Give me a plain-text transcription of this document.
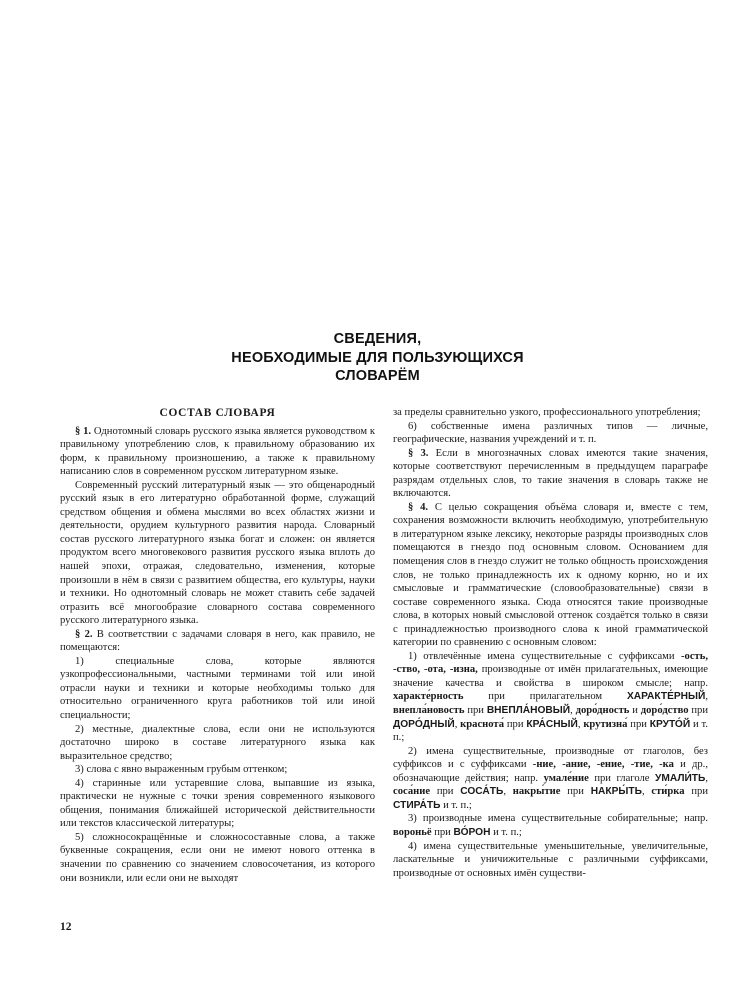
СВЕДЕНИЯ,
НЕОБХОДИМЫЕ ДЛЯ ПОЛЬЗУЮЩИХСЯ
СЛОВАРЁМ
СОСТАВ СЛОВАРЯ

§ 1. Однотомный словарь русского языка является руководством к правильному употреблению слов, к правильному образованию их форм, к правильному произношению, а также к правильному написанию слов в современном русском литературном языке.

Современный русский литературный язык — это общенародный русский язык в его литературно обработанной форме, служащий средством общения и обмена мыслями во всех областях жизни и деятельности, орудием культурного развития народа. Словарный состав русского литературного языка богат и сложен: он является продуктом всего многовекового развития русского языка вплоть до нашей эпохи, отражая, следовательно, изменения, которые произошли в нём в связи с развитием общества, его культуры, науки и техники. Но однотомный словарь не может ставить себе задачей отразить всё многообразие словарного состава современного русского литературного языка.

§ 2. В соответствии с задачами словаря в него, как правило, не помещаются:

1) специальные слова, которые являются узкопрофессиональными, частными терминами той или иной отрасли науки и техники и которые необходимы только для относительно ограниченного круга работников той или иной специальности;

2) местные, диалектные слова, если они не используются достаточно широко в составе литературного языка как выразительное средство;

3) слова с явно выраженным грубым оттенком;

4) старинные или устаревшие слова, выпавшие из языка, практически не нужные с точки зрения современного языкового общения, понимания ближайшей исторической действительности или текстов классической литературы;

5) сложносокращённые и сложносоставные слова, а также буквенные сокращения, если они не имеют нового оттенка в значении по сравнению со значением словосочетания, из которого они возникли, или если они не выходят

за пределы сравнительно узкого, профессионального употребления;

6) собственные имена различных типов — личные, географические, названия учреждений и т. п.

§ 3. Если в многозначных словах имеются такие значения, которые соответствуют перечисленным в предыдущем параграфе разрядам отдельных слов, то такие значения в словарь также не включаются.

§ 4. С целью сокращения объёма словаря и, вместе с тем, сохранения возможности включить необходимую, употребительную в литературном языке лексику, некоторые разряды производных слов помещаются в гнездо под основным словом. Основанием для помещения слов в гнездо служит не только общность происхождения слов, не только принадлежность их к одному корню, но и их смысловые и грамматические (словообразовательные) связи в составе современного языка. Сюда относятся такие производные слова, в которых новый смысловой оттенок создаётся только в связи с принадлежностью производного слова к иной грамматической категории по сравнению с основным словом:

1) отвлечённые имена существительные с суффиксами -ость, -ство, -ота, -изна, производные от имён прилагательных, имеющие значение качества и свойства в широком смысле; напр. характе́рность при прилагательном ХАРАКТЕ́РНЫЙ, внепла́новость при ВНЕПЛА́НОВЫЙ, доро́дность и доро́дство при ДОРО́ДНЫЙ, краснота́ при КРА́СНЫЙ, крутизна́ при КРУТО́Й и т. п.;

2) имена существительные, производные от глаголов, без суффиксов и с суффиксами -ние, -ание, -ение, -тие, -ка и др., обозначающие действия; напр. умале́ние при глаголе УМАЛИ́ТЬ, соса́ние при СОСА́ТЬ, накры́тие при НАКРЫ́ТЬ, сти́рка при СТИРА́ТЬ и т. п.;

3) производные имена существительные собирательные; напр. вороньё при ВО́РОН и т. п.;

4) имена существительные уменьшительные, увеличительные, ласкательные и уничижительные с различными суффиксами, производные от основных имён существи-

12
